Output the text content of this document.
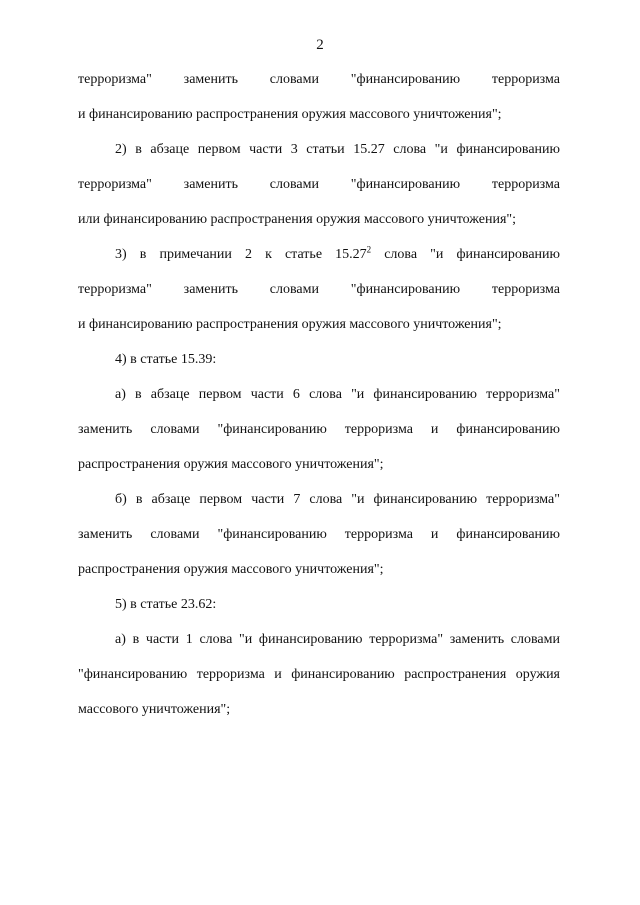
2
терроризма" заменить словами "финансированию терроризма
и финансированию распространения оружия массового уничтожения";
2) в абзаце первом части 3 статьи 15.27 слова "и финансированию
терроризма" заменить словами "финансированию терроризма
или финансированию распространения оружия массового уничтожения";
3) в примечании 2 к статье 15.27$^2$ слова "и финансированию
терроризма" заменить словами "финансированию терроризма
и финансированию распространения оружия массового уничтожения";
4) в статье 15.39:
а) в абзаце первом части 6 слова "и финансированию терроризма"
заменить словами "финансированию терроризма и финансированию
распространения оружия массового уничтожения";
б) в абзаце первом части 7 слова "и финансированию терроризма"
заменить словами "финансированию терроризма и финансированию
распространения оружия массового уничтожения";
5) в статье 23.62:
а) в части 1 слова "и финансированию терроризма" заменить словами
"финансированию терроризма и финансированию распространения оружия
массового уничтожения";
